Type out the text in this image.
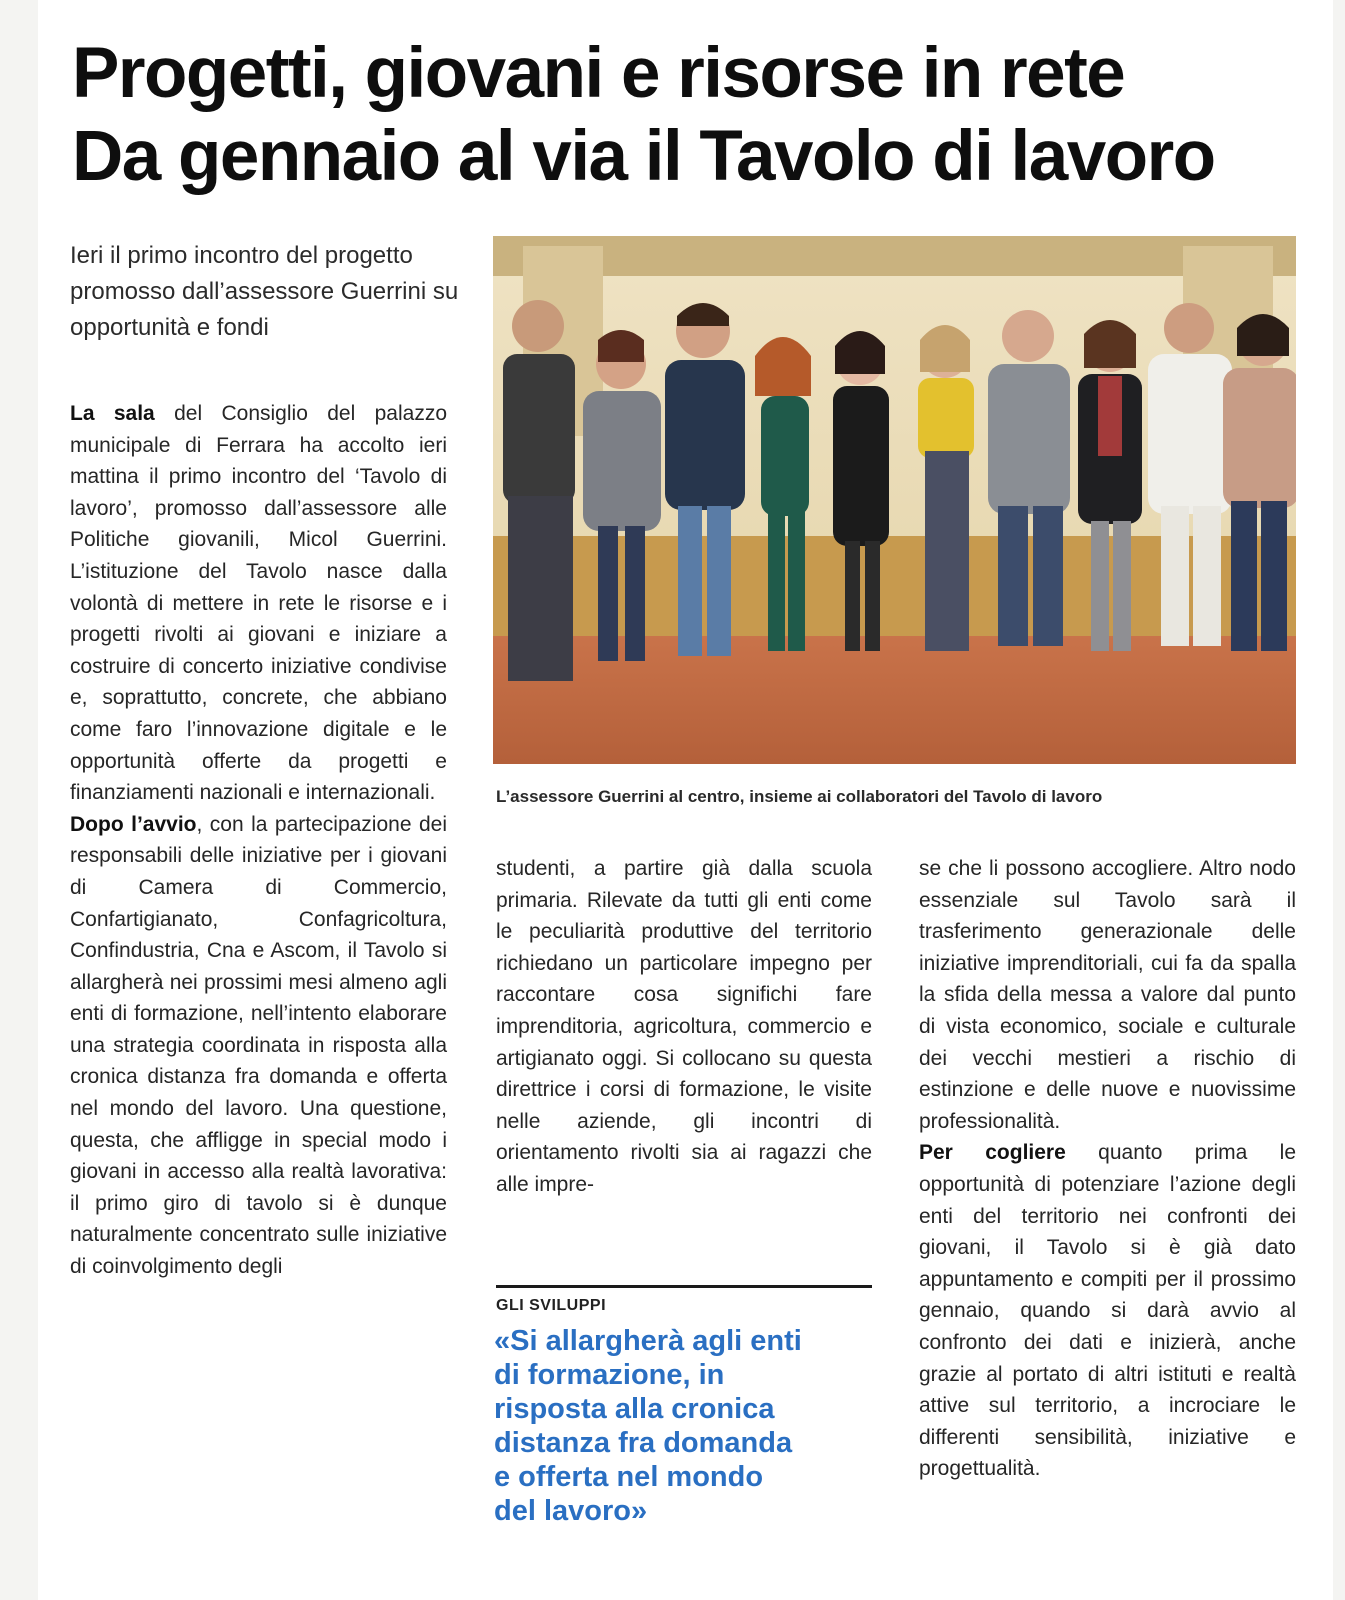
Progetti, giovani e risorse in rete
Da gennaio al via il Tavolo di lavoro

Ieri il primo incontro del progetto promosso dall’assessore Guerrini su opportunità e fondi

La sala del Consiglio del palazzo municipale di Ferrara ha accolto ieri mattina il primo incontro del ‘Tavolo di lavoro’, promosso dall’assessore alle Politiche giovanili, Micol Guerrini. L’istituzione del Tavolo nasce dalla volontà di mettere in rete le risorse e i progetti rivolti ai giovani e iniziare a costruire di concerto iniziative condivise e, soprattutto, concrete, che abbiano come faro l’innovazione digitale e le opportunità offerte da progetti e finanziamenti nazionali e internazionali.

Dopo l’avvio, con la partecipazione dei responsabili delle iniziative per i giovani di Camera di Commercio, Confartigianato, Confagricoltura, Confindustria, Cna e Ascom, il Tavolo si allargherà nei prossimi mesi almeno agli enti di formazione, nell’intento elaborare una strategia coordinata in risposta alla cronica distanza fra domanda e offerta nel mondo del lavoro. Una questione, questa, che affligge in special modo i giovani in accesso alla realtà lavorativa: il primo giro di tavolo si è dunque naturalmente concentrato sulle iniziative di coinvolgimento degli

L’assessore Guerrini al centro, insieme ai collaboratori del Tavolo di lavoro

studenti, a partire già dalla scuola primaria. Rilevate da tutti gli enti come le peculiarità produttive del territorio richiedano un particolare impegno per raccontare cosa significhi fare imprenditoria, agricoltura, commercio e artigianato oggi. Si collocano su questa direttrice i corsi di formazione, le visite nelle aziende, gli incontri di orientamento rivolti sia ai ragazzi che alle impre-

GLI SVILUPPI
«Si allargherà agli enti
di formazione, in
risposta alla cronica
distanza fra domanda
e offerta nel mondo
del lavoro»

se che li possono accogliere. Altro nodo essenziale sul Tavolo sarà il trasferimento generazionale delle iniziative imprenditoriali, cui fa da spalla la sfida della messa a valore dal punto di vista economico, sociale e culturale dei vecchi mestieri a rischio di estinzione e delle nuove e nuovissime professionalità.

Per cogliere quanto prima le opportunità di potenziare l’azione degli enti del territorio nei confronti dei giovani, il Tavolo si è già dato appuntamento e compiti per il prossimo gennaio, quando si darà avvio al confronto dei dati e inizierà, anche grazie al portato di altri istituti e realtà attive sul territorio, a incrociare le differenti sensibilità, iniziative e progettualità.
